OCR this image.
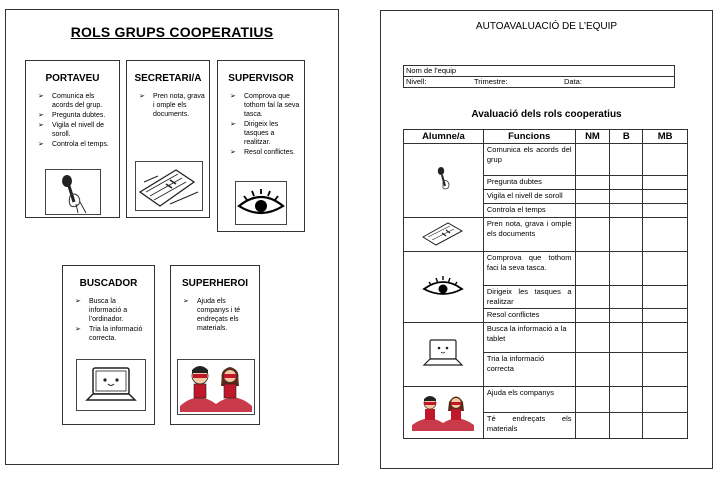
ROLS GRUPS COOPERATIUS
PORTAVEU
➢ Comunica els acords del grup.
➢ Pregunta dubtes.
➢ Vigila el nivell de soroll.
➢ Controla el temps.
SECRETARI/A
➢ Pren nota, grava i omple els documents.
SUPERVISOR
➢ Comprova que tothom faí la seva tasca.
➢ Dirigeix les tasques a realitzar.
➢ Resol conflictes.
BUSCADOR
➢ Busca la informació a l’ordinador.
➢ Tria la informació correcta.
SUPERHEROI
➢ Ajuda els companys i té endreçats els materials.
AUTOAVALUACIÓ DE L’EQUIP
Nom de l’equip
Nivell:	Trimestre:	Data:
Avaluació dels rols cooperatius
Alumne/a	Funcions	NM	B	MB
	Comunica els acords del grup			
	Pregunta dubtes			
	Vigila el nivell de soroll			
	Controla el temps			
	Pren nota, grava i omple els documents			
	Comprova que tothom faci la seva tasca.			
	Dirigeix les tasques a realitzar			
	Resol conflictes			
	Busca la informació a la tablet			
	Tria la informació correcta			
	Ajuda els companys			
	Té endreçats els materials			
